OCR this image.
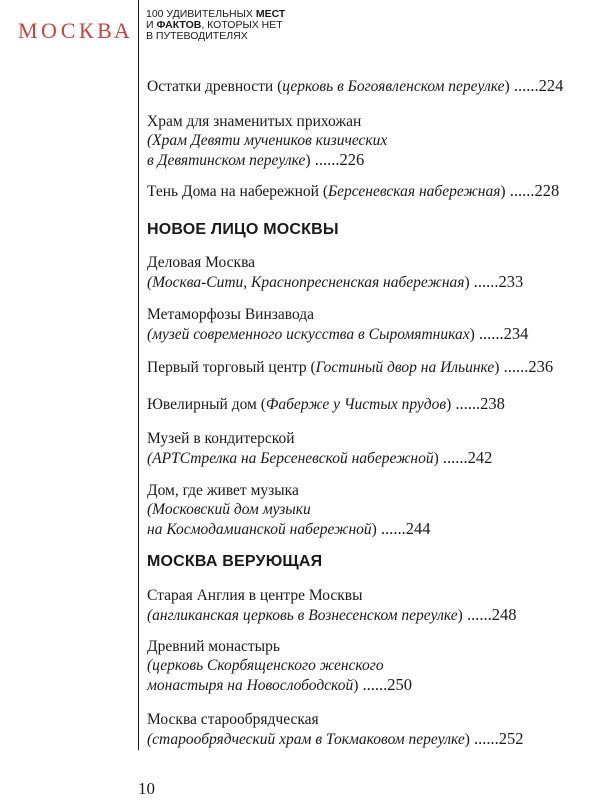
МОСКВА
100 УДИВИТЕЛЬНЫХ МЕСТ
И ФАКТОВ, КОТОРЫХ НЕТ
В ПУТЕВОДИТЕЛЯХ
Остатки древности (церковь в Богоявленском переулке) ......224
Храм для знаменитых прихожан
(Храм Девяти мучеников кизических
в Девятинском переулке) ......226
Тень Дома на набережной (Берсеневская набережная) ......228
НОВОЕ ЛИЦО МОСКВЫ
Деловая Москва
(Москва-Сити, Краснопресненская набережная) ......233
Метаморфозы Винзавода
(музей современного искусства в Сыромятниках) ......234
Первый торговый центр (Гостиный двор на Ильинке) ......236
Ювелирный дом (Фаберже у Чистых прудов) ......238
Музей в кондитерской
(АРТСтрелка на Берсеневской набережной) ......242
Дом, где живет музыка
(Московский дом музыки
на Космодамианской набережной) ......244
МОСКВА ВЕРУЮЩАЯ
Старая Англия в центре Москвы
(англиканская церковь в Вознесенском переулке) ......248
Древний монастырь
(церковь Скорбященского женского
монастыря на Новослободской) ......250
Москва старообрядческая
(старообрядческий храм в Токмаковом переулке) ......252
10
